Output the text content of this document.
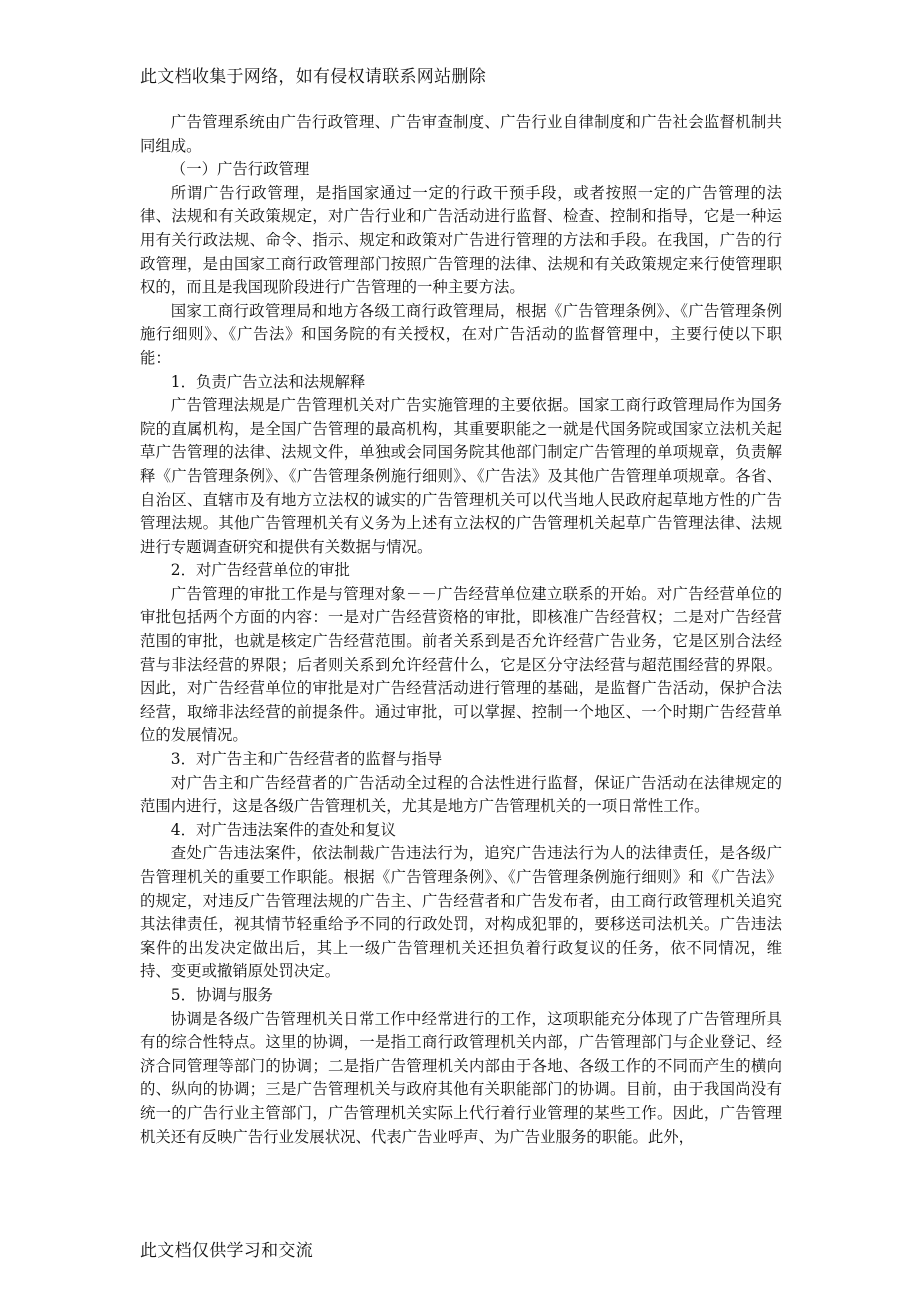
此文档收集于网络，如有侵权请联系网站删除

广告管理系统由广告行政管理、广告审查制度、广告行业自律制度和广告社会监督机制共同组成。

（一）广告行政管理

所谓广告行政管理，是指国家通过一定的行政干预手段，或者按照一定的广告管理的法律、法规和有关政策规定，对广告行业和广告活动进行监督、检查、控制和指导，它是一种运用有关行政法规、命令、指示、规定和政策对广告进行管理的方法和手段。在我国，广告的行政管理，是由国家工商行政管理部门按照广告管理的法律、法规和有关政策规定来行使管理职权的，而且是我国现阶段进行广告管理的一种主要方法。

国家工商行政管理局和地方各级工商行政管理局，根据《广告管理条例》、《广告管理条例施行细则》、《广告法》和国务院的有关授权，在对广告活动的监督管理中，主要行使以下职能：

1．负责广告立法和法规解释

广告管理法规是广告管理机关对广告实施管理的主要依据。国家工商行政管理局作为国务院的直属机构，是全国广告管理的最高机构，其重要职能之一就是代国务院或国家立法机关起草广告管理的法律、法规文件，单独或会同国务院其他部门制定广告管理的单项规章，负责解释《广告管理条例》、《广告管理条例施行细则》、《广告法》及其他广告管理单项规章。各省、自治区、直辖市及有地方立法权的诚实的广告管理机关可以代当地人民政府起草地方性的广告管理法规。其他广告管理机关有义务为上述有立法权的广告管理机关起草广告管理法律、法规进行专题调查研究和提供有关数据与情况。

2．对广告经营单位的审批

广告管理的审批工作是与管理对象－－广告经营单位建立联系的开始。对广告经营单位的审批包括两个方面的内容：一是对广告经营资格的审批，即核准广告经营权；二是对广告经营范围的审批，也就是核定广告经营范围。前者关系到是否允许经营广告业务，它是区别合法经营与非法经营的界限；后者则关系到允许经营什么，它是区分守法经营与超范围经营的界限。因此，对广告经营单位的审批是对广告经营活动进行管理的基础，是监督广告活动，保护合法经营，取缔非法经营的前提条件。通过审批，可以掌握、控制一个地区、一个时期广告经营单位的发展情况。

3．对广告主和广告经营者的监督与指导

对广告主和广告经营者的广告活动全过程的合法性进行监督，保证广告活动在法律规定的范围内进行，这是各级广告管理机关，尤其是地方广告管理机关的一项日常性工作。

4．对广告违法案件的查处和复议

查处广告违法案件，依法制裁广告违法行为，追究广告违法行为人的法律责任，是各级广告管理机关的重要工作职能。根据《广告管理条例》、《广告管理条例施行细则》和《广告法》的规定，对违反广告管理法规的广告主、广告经营者和广告发布者，由工商行政管理机关追究其法律责任，视其情节轻重给予不同的行政处罚，对构成犯罪的，要移送司法机关。广告违法案件的出发决定做出后，其上一级广告管理机关还担负着行政复议的任务，依不同情况，维持、变更或撤销原处罚决定。

5．协调与服务

协调是各级广告管理机关日常工作中经常进行的工作，这项职能充分体现了广告管理所具有的综合性特点。这里的协调，一是指工商行政管理机关内部，广告管理部门与企业登记、经济合同管理等部门的协调；二是指广告管理机关内部由于各地、各级工作的不同而产生的横向的、纵向的协调；三是广告管理机关与政府其他有关职能部门的协调。目前，由于我国尚没有统一的广告行业主管部门，广告管理机关实际上代行着行业管理的某些工作。因此，广告管理机关还有反映广告行业发展状况、代表广告业呼声、为广告业服务的职能。此外，

此文档仅供学习和交流
